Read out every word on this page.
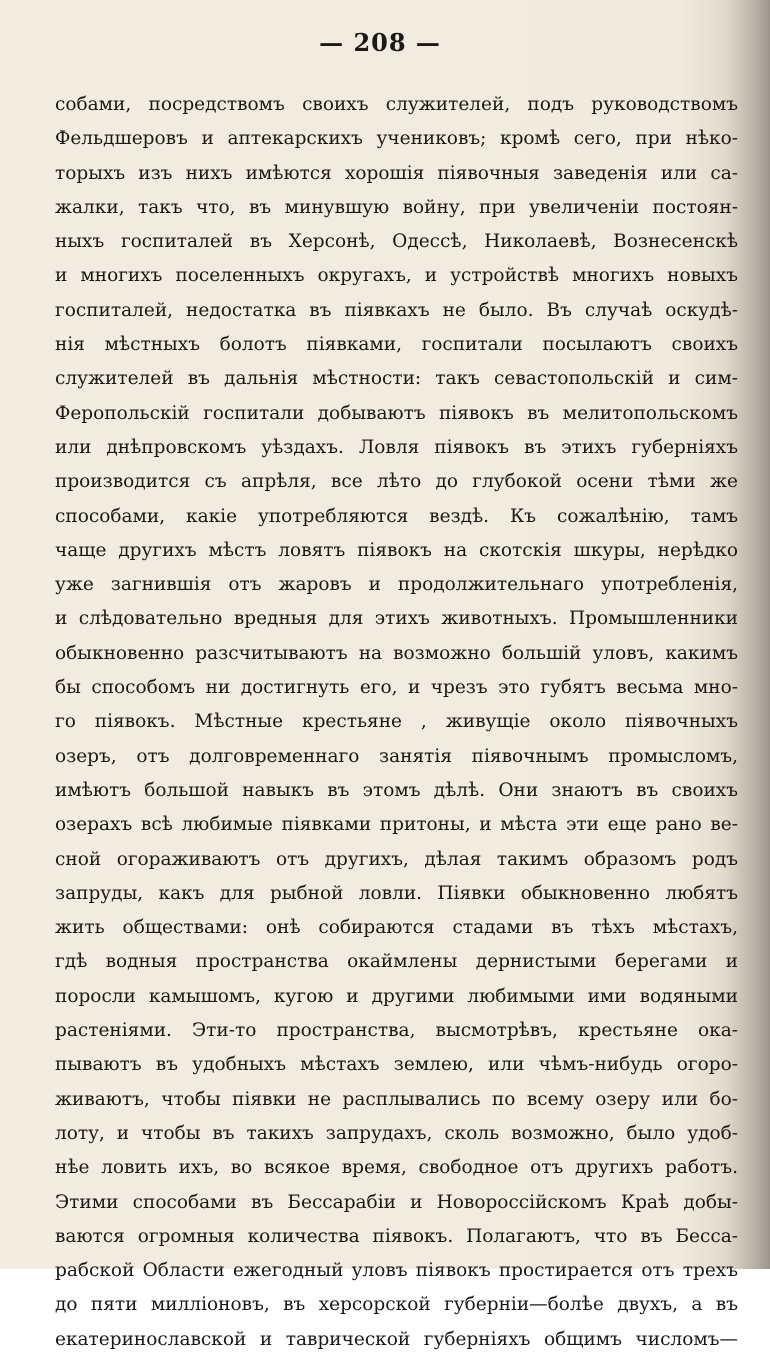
— 208 —
собами, посредствомъ своихъ служителей, подъ руководствомъ
Фельдшеровъ и аптекарскихъ учениковъ; кромѣ сего, при нѣко-
торыхъ изъ нихъ имѣются хорошія піявочныя заведенія или са-
жалки, такъ что, въ минувшую войну, при увеличеніи постоян-
ныхъ госпиталей въ Херсонѣ, Одессѣ, Николаевѣ, Вознесенскѣ
и многихъ поселенныхъ округахъ, и устройствѣ многихъ новыхъ
госпиталей, недостатка въ піявкахъ не было. Въ случаѣ оскудѣ-
нія мѣстныхъ болотъ піявками, госпитали посылаютъ своихъ
служителей въ дальнія мѣстности: такъ севастопольскій и сим-
Феропольскій госпитали добываютъ піявокъ въ мелитопольскомъ
или днѣпровскомъ уѣздахъ. Ловля піявокъ въ этихъ губерніяхъ
производится съ апрѣля, все лѣто до глубокой осени тѣми же
способами, какіе употребляются вездѣ. Къ сожалѣнію, тамъ
чаще другихъ мѣстъ ловятъ піявокъ на скотскія шкуры, нерѣдко
уже загнившія отъ жаровъ и продолжительнаго употребленія,
и слѣдовательно вредныя для этихъ животныхъ. Промышленники
обыкновенно разсчитываютъ на возможно большій уловъ, какимъ
бы способомъ ни достигнуть его, и чрезъ это губятъ весьма мно-
го піявокъ. Мѣстные крестьяне , живущіе около піявочныхъ
озеръ, отъ долговременнаго занятія піявочнымъ промысломъ,
имѣютъ большой навыкъ въ этомъ дѣлѣ. Они знаютъ въ своихъ
озерахъ всѣ любимые піявками притоны, и мѣста эти еще рано ве-
сной огораживаютъ отъ другихъ, дѣлая такимъ образомъ родъ
запруды, какъ для рыбной ловли. Піявки обыкновенно любятъ
жить обществами: онѣ собираются стадами въ тѣхъ мѣстахъ,
гдѣ водныя пространства окаймлены дернистыми берегами и
поросли камышомъ, кугою и другими любимыми ими водяными
растеніями. Эти-то пространства, высмотрѣвъ, крестьяне ока-
пываютъ въ удобныхъ мѣстахъ землею, или чѣмъ-нибудь огоро-
живаютъ, чтобы піявки не расплывались по всему озеру или бо-
лоту, и чтобы въ такихъ запрудахъ, сколь возможно, было удоб-
нѣе ловить ихъ, во всякое время, свободное отъ другихъ работъ.
Этими способами въ Бессарабіи и Новороссійскомъ Краѣ добы-
ваются огромныя количества піявокъ. Полагаютъ, что въ Бесса-
рабской Области ежегодный уловъ піявокъ простирается отъ трехъ
до пяти милліоновъ, въ херсорской губерніи—болѣе двухъ, а въ
екатеринославской и таврической губерніяхъ общимъ числомъ—
